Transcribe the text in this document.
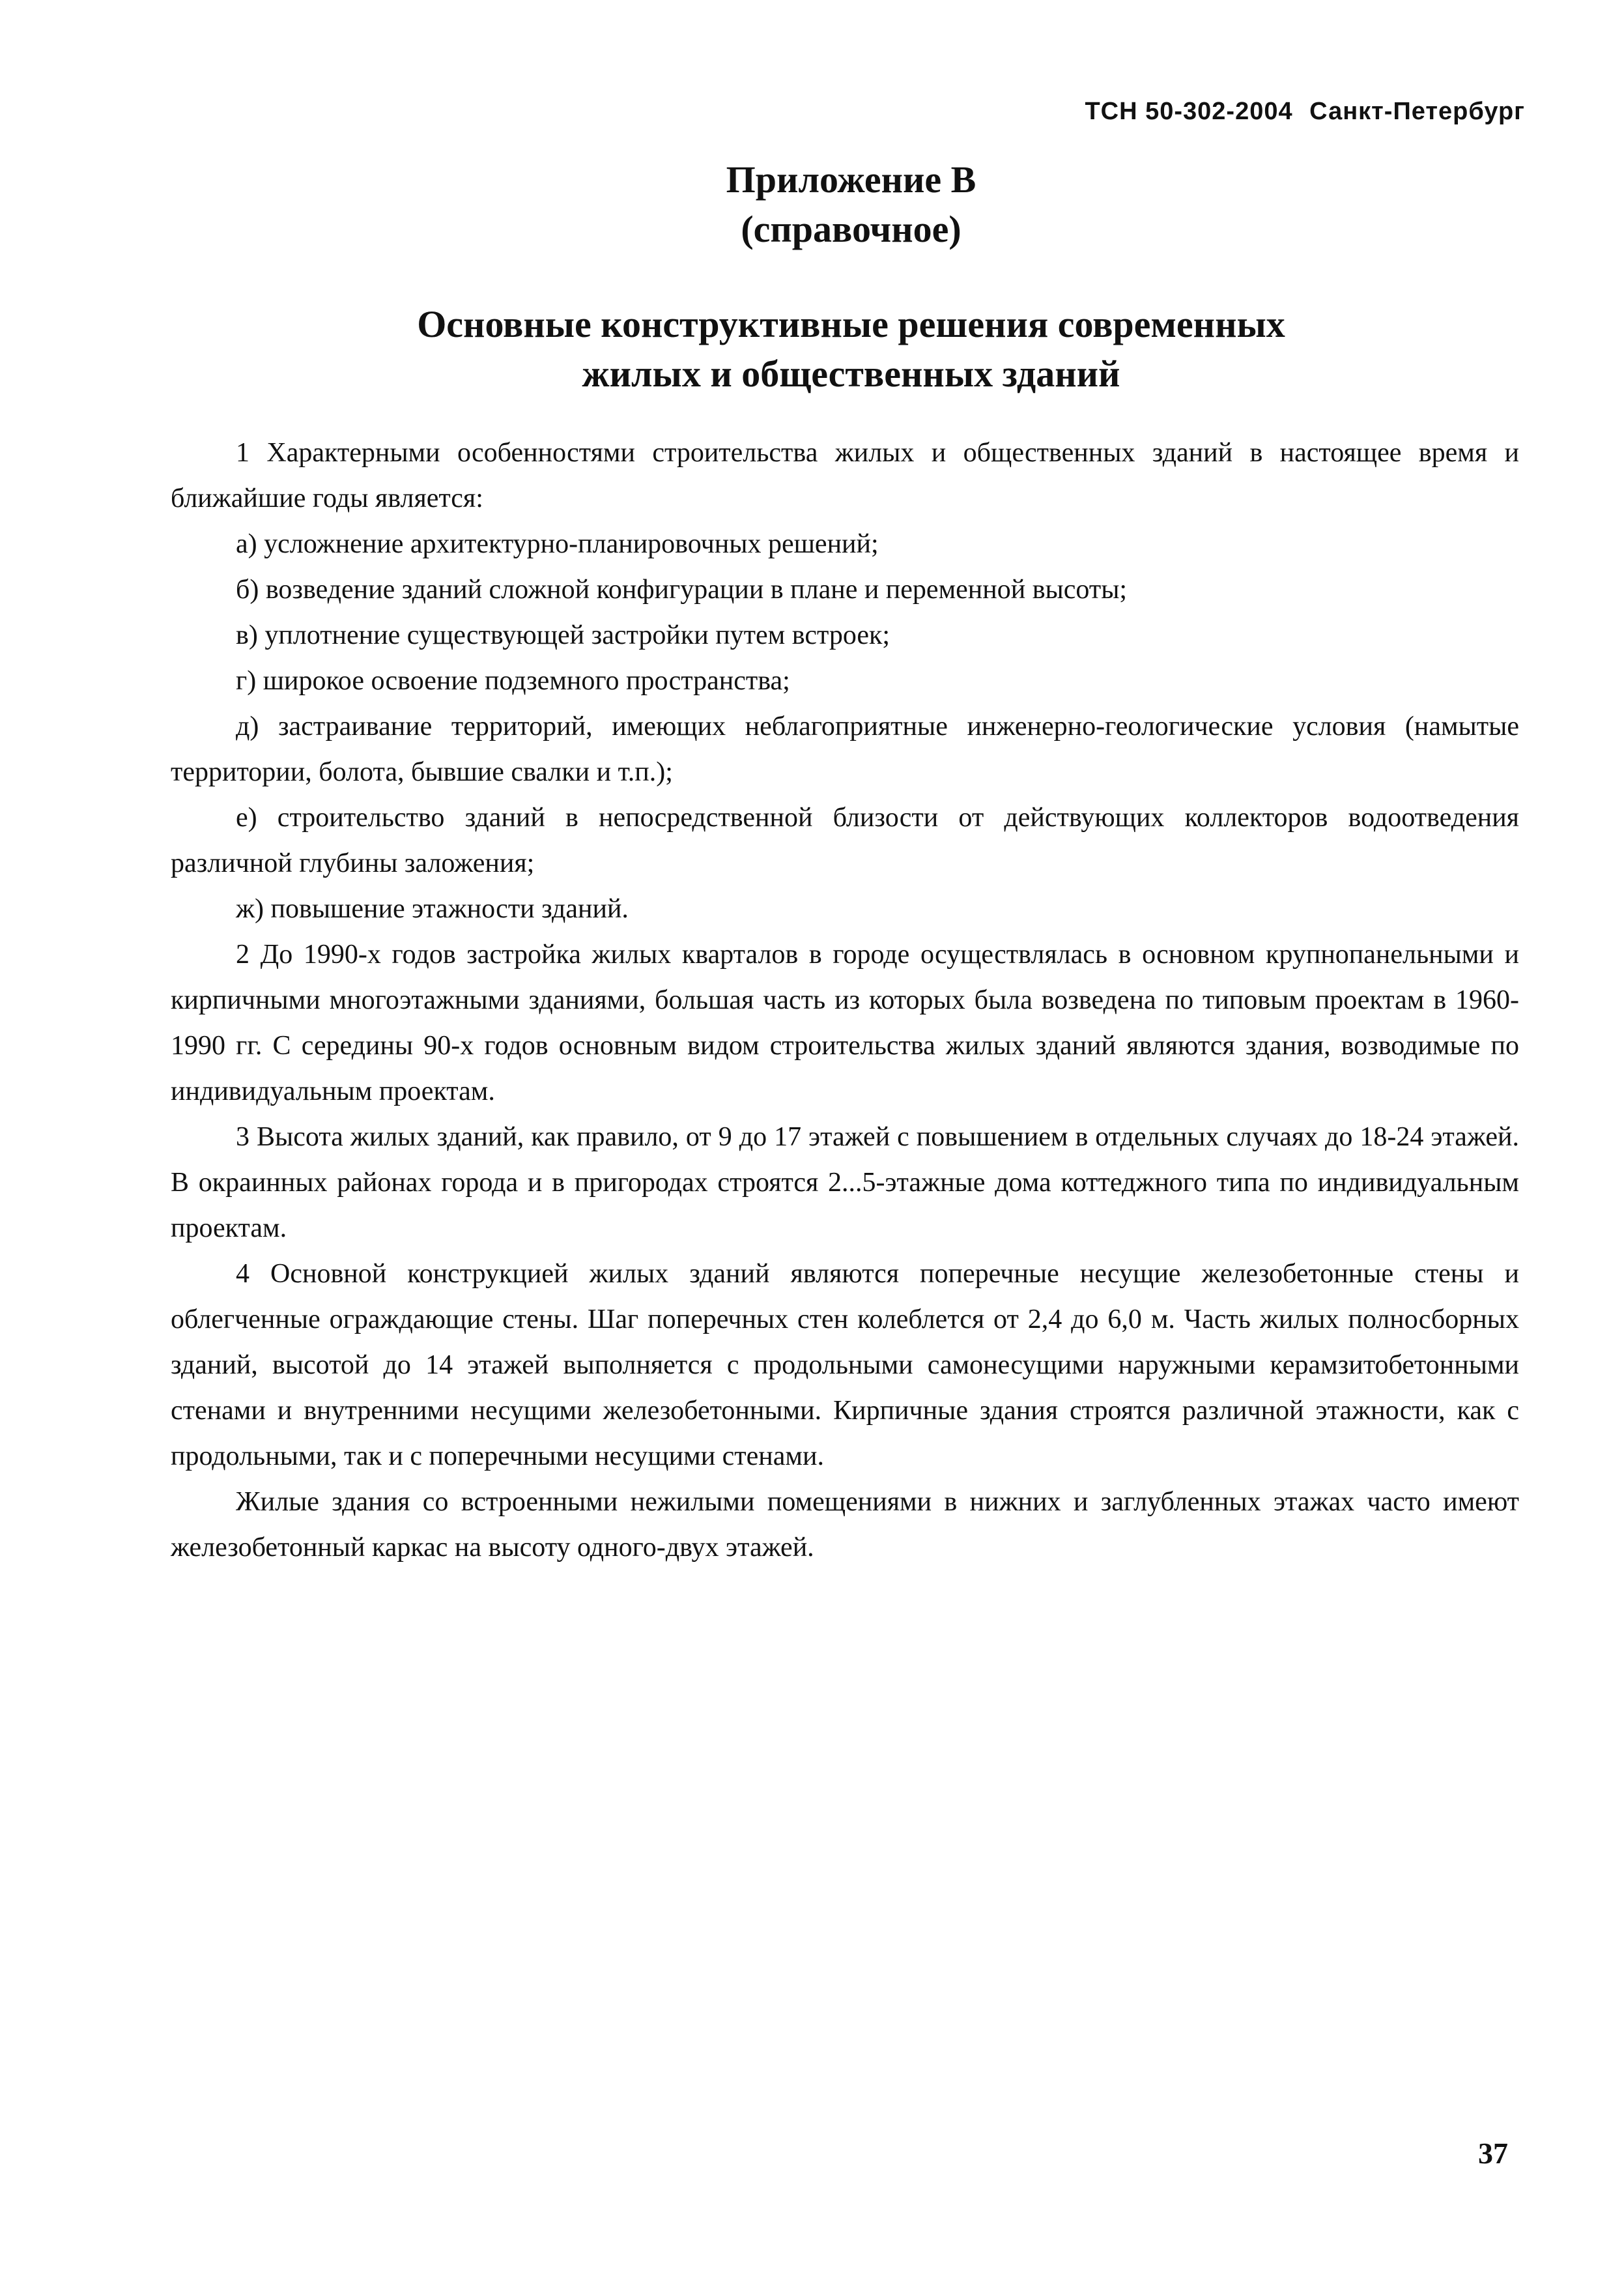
ТСН 50-302-2004 Санкт-Петербург
Приложение В
(справочное)
Основные конструктивные решения современных
жилых и общественных зданий

1 Характерными особенностями строительства жилых и общественных зданий в настоящее время и ближайшие годы является:

а) усложнение архитектурно-планировочных решений;

б) возведение зданий сложной конфигурации в плане и переменной высоты;

в) уплотнение существующей застройки путем встроек;

г) широкое освоение подземного пространства;

д) застраивание территорий, имеющих неблагоприятные инженерно-геологические условия (намытые территории, болота, бывшие свалки и т.п.);

е) строительство зданий в непосредственной близости от действующих коллекторов водоотведения различной глубины заложения;

ж) повышение этажности зданий.

2 До 1990-х годов застройка жилых кварталов в городе осуществлялась в основном крупнопанельными и кирпичными многоэтажными зданиями, большая часть из которых была возведена по типовым проектам в 1960-1990 гг. С середины 90-х годов основным видом строительства жилых зданий являются здания, возводимые по индивидуальным проектам.

3 Высота жилых зданий, как правило, от 9 до 17 этажей с повышением в отдельных случаях до 18-24 этажей. В окраинных районах города и в пригородах строятся 2...5-этажные дома коттеджного типа по индивидуальным проектам.

4 Основной конструкцией жилых зданий являются поперечные несущие железобетонные стены и облегченные ограждающие стены. Шаг поперечных стен колеблется от 2,4 до 6,0 м. Часть жилых полносборных зданий, высотой до 14 этажей выполняется с продольными самонесущими наружными керамзитобетонными стенами и внутренними несущими железобетонными. Кирпичные здания строятся различной этажности, как с продольными, так и с поперечными несущими стенами.

Жилые здания со встроенными нежилыми помещениями в нижних и заглубленных этажах часто имеют железобетонный каркас на высоту одного-двух этажей.

37
